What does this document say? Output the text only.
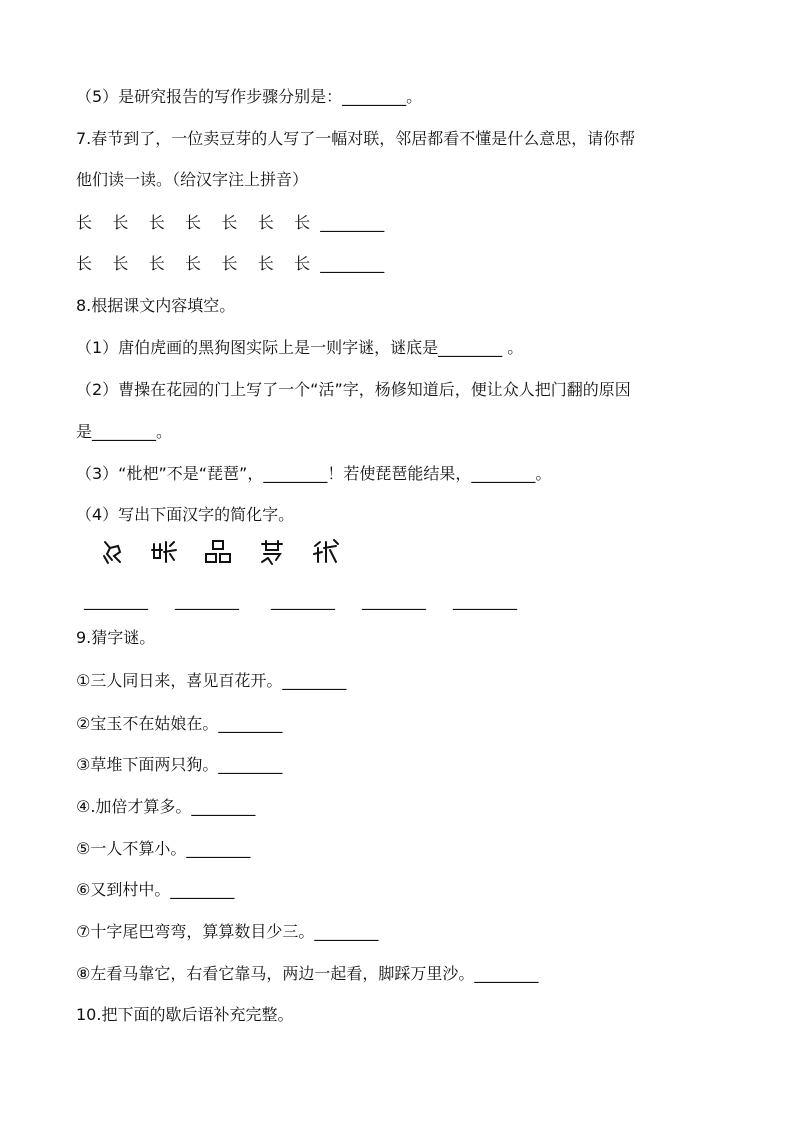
（5）是研究报告的写作步骤分别是：________。
7.春节到了，一位卖豆芽的人写了一幅对联，邻居都看不懂是什么意思，请你帮
他们读一读。（给汉字注上拼音）
长    长    长    长    长    长    长  ________
长    长    长    长    长    长    长  ________
8.根据课文内容填空。
（1）唐伯虎画的黑狗图实际上是一则字谜，谜底是________ 。
（2）曹操在花园的门上写了一个“活”字，杨修知道后，便让众人把门翻的原因
是________。
（3）“枇杷”不是“琵琶”，________！若使琵琶能结果，________。
（4）写出下面汉字的简化字。
________ ________ ________ ________ ________
9.猜字谜。
①三人同日来，喜见百花开。________
②宝玉不在姑娘在。________
③草堆下面两只狗。________
④.加倍才算多。________
⑤一人不算小。________
⑥又到村中。________
⑦十字尾巴弯弯，算算数目少三。________
⑧左看马靠它，右看它靠马，两边一起看，脚踩万里沙。________
10.把下面的歇后语补充完整。
